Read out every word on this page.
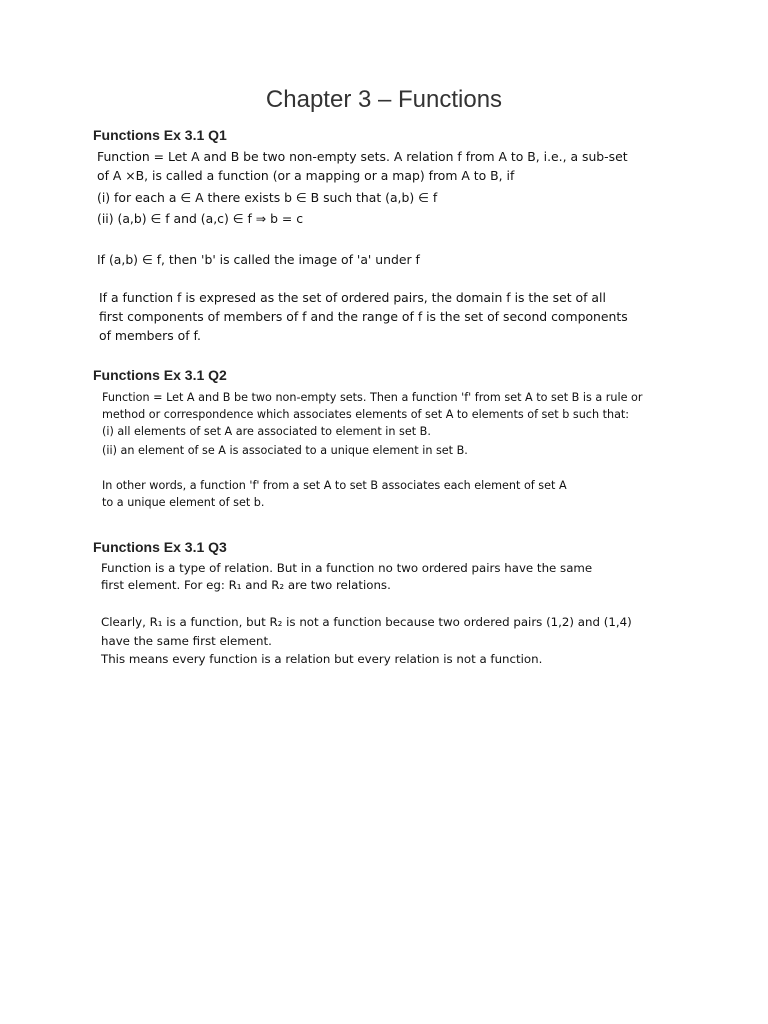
Chapter 3 – Functions
Functions Ex 3.1 Q1
Function = Let A and B be two non-empty sets. A relation f from A to B, i.e., a sub-set
of A ×B, is called a function (or a mapping or a map) from A to B, if
(i) for each a ∈ A there exists b ∈ B such that (a,b) ∈ f
(ii) (a,b) ∈ f and (a,c) ∈ f ⇒ b = c
If (a,b) ∈ f, then 'b' is called the image of 'a' under f
If a function f is expresed as the set of ordered pairs, the domain f is the set of all
first components of members of f and the range of f is the set of second components
of members of f.
Functions Ex 3.1 Q2
Function = Let A and B be two non-empty sets. Then a function 'f' from set A to set B is a rule or
method or correspondence which associates elements of set A to elements of set b such that:
(i) all elements of set A are associated to element in set B.
(ii) an element of se A is associated to a unique element in set B.
In other words, a function 'f' from a set A to set B associates each element of set A
to a unique element of set b.
Functions Ex 3.1 Q3
Function is a type of relation. But in a function no two ordered pairs have the same
first element. For eg: R₁ and R₂ are two relations.
Clearly, R₁ is a function, but R₂ is not a function because two ordered pairs (1,2) and (1,4)
have the same first element.
This means every function is a relation but every relation is not a function.
